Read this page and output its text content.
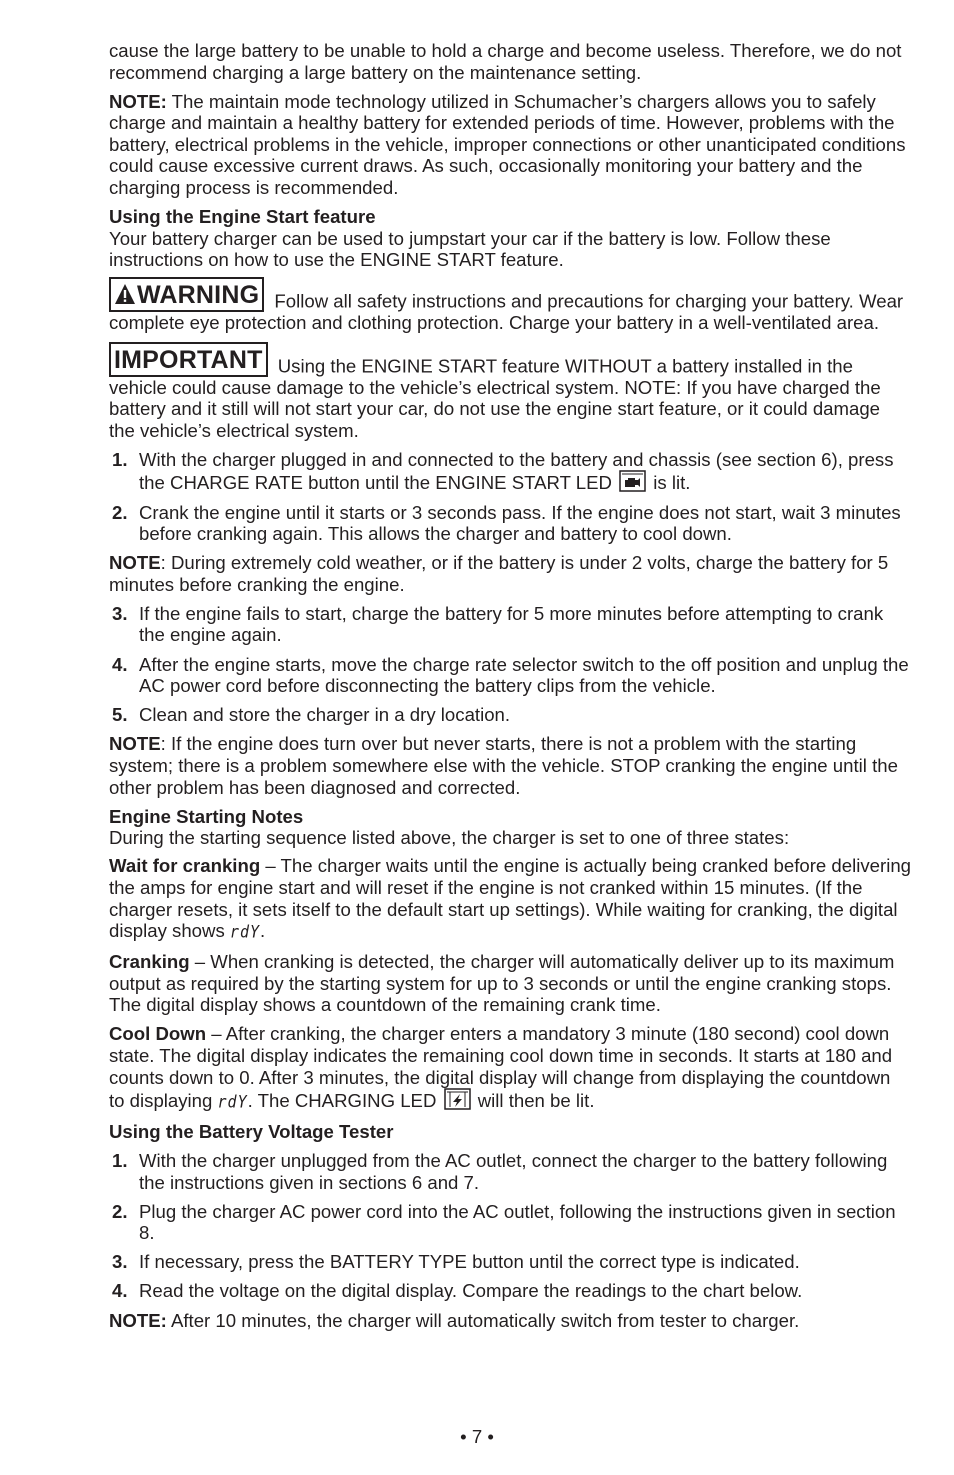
cause the large battery to be unable to hold a charge and become useless. Therefore, we do not recommend charging a large battery on the maintenance setting.

NOTE: The maintain mode technology utilized in Schumacher’s chargers allows you to safely charge and maintain a healthy battery for extended periods of time. However, problems with the battery, electrical problems in the vehicle, improper connections or other unanticipated conditions could cause excessive current draws. As such, occasionally monitoring your battery and the charging process is recommended.

Using the Engine Start feature
Your battery charger can be used to jumpstart your car if the battery is low. Follow these instructions on how to use the ENGINE START feature.

WARNING Follow all safety instructions and precautions for charging your battery. Wear complete eye protection and clothing protection. Charge your battery in a well-ventilated area.

IMPORTANT Using the ENGINE START feature WITHOUT a battery installed in the vehicle could cause damage to the vehicle’s electrical system. NOTE: If you have charged the battery and it still will not start your car, do not use the engine start feature, or it could damage the vehicle’s electrical system.

1. With the charger plugged in and connected to the battery and chassis (see section 6), press the CHARGE RATE button until the ENGINE START LED  is lit.
2. Crank the engine until it starts or 3 seconds pass. If the engine does not start, wait 3 minutes before cranking again. This allows the charger and battery to cool down.

NOTE: During extremely cold weather, or if the battery is under 2 volts, charge the battery for 5 minutes before cranking the engine.

3. If the engine fails to start, charge the battery for 5 more minutes before attempting to crank the engine again.
4. After the engine starts, move the charge rate selector switch to the off position and unplug the AC power cord before disconnecting the battery clips from the vehicle.
5. Clean and store the charger in a dry location.

NOTE: If the engine does turn over but never starts, there is not a problem with the starting system; there is a problem somewhere else with the vehicle. STOP cranking the engine until the other problem has been diagnosed and corrected.

Engine Starting Notes
During the starting sequence listed above, the charger is set to one of three states:

Wait for cranking – The charger waits until the engine is actually being cranked before delivering the amps for engine start and will reset if the engine is not cranked within 15 minutes. (If the charger resets, it sets itself to the default start up settings). While waiting for cranking, the digital display shows rdY.

Cranking – When cranking is detected, the charger will automatically deliver up to its maximum output as required by the starting system for up to 3 seconds or until the engine cranking stops. The digital display shows a countdown of the remaining crank time.

Cool Down – After cranking, the charger enters a mandatory 3 minute (180 second) cool down state. The digital display indicates the remaining cool down time in seconds. It starts at 180 and counts down to 0. After 3 minutes, the digital display will change from displaying the countdown to displaying rdY. The CHARGING LED  will then be lit.

Using the Battery Voltage Tester

1. With the charger unplugged from the AC outlet, connect the charger to the battery following the instructions given in sections 6 and 7.
2. Plug the charger AC power cord into the AC outlet, following the instructions given in section 8.
3. If necessary, press the BATTERY TYPE button until the correct type is indicated.
4. Read the voltage on the digital display. Compare the readings to the chart below.

NOTE: After 10 minutes, the charger will automatically switch from tester to charger.

• 7 •
